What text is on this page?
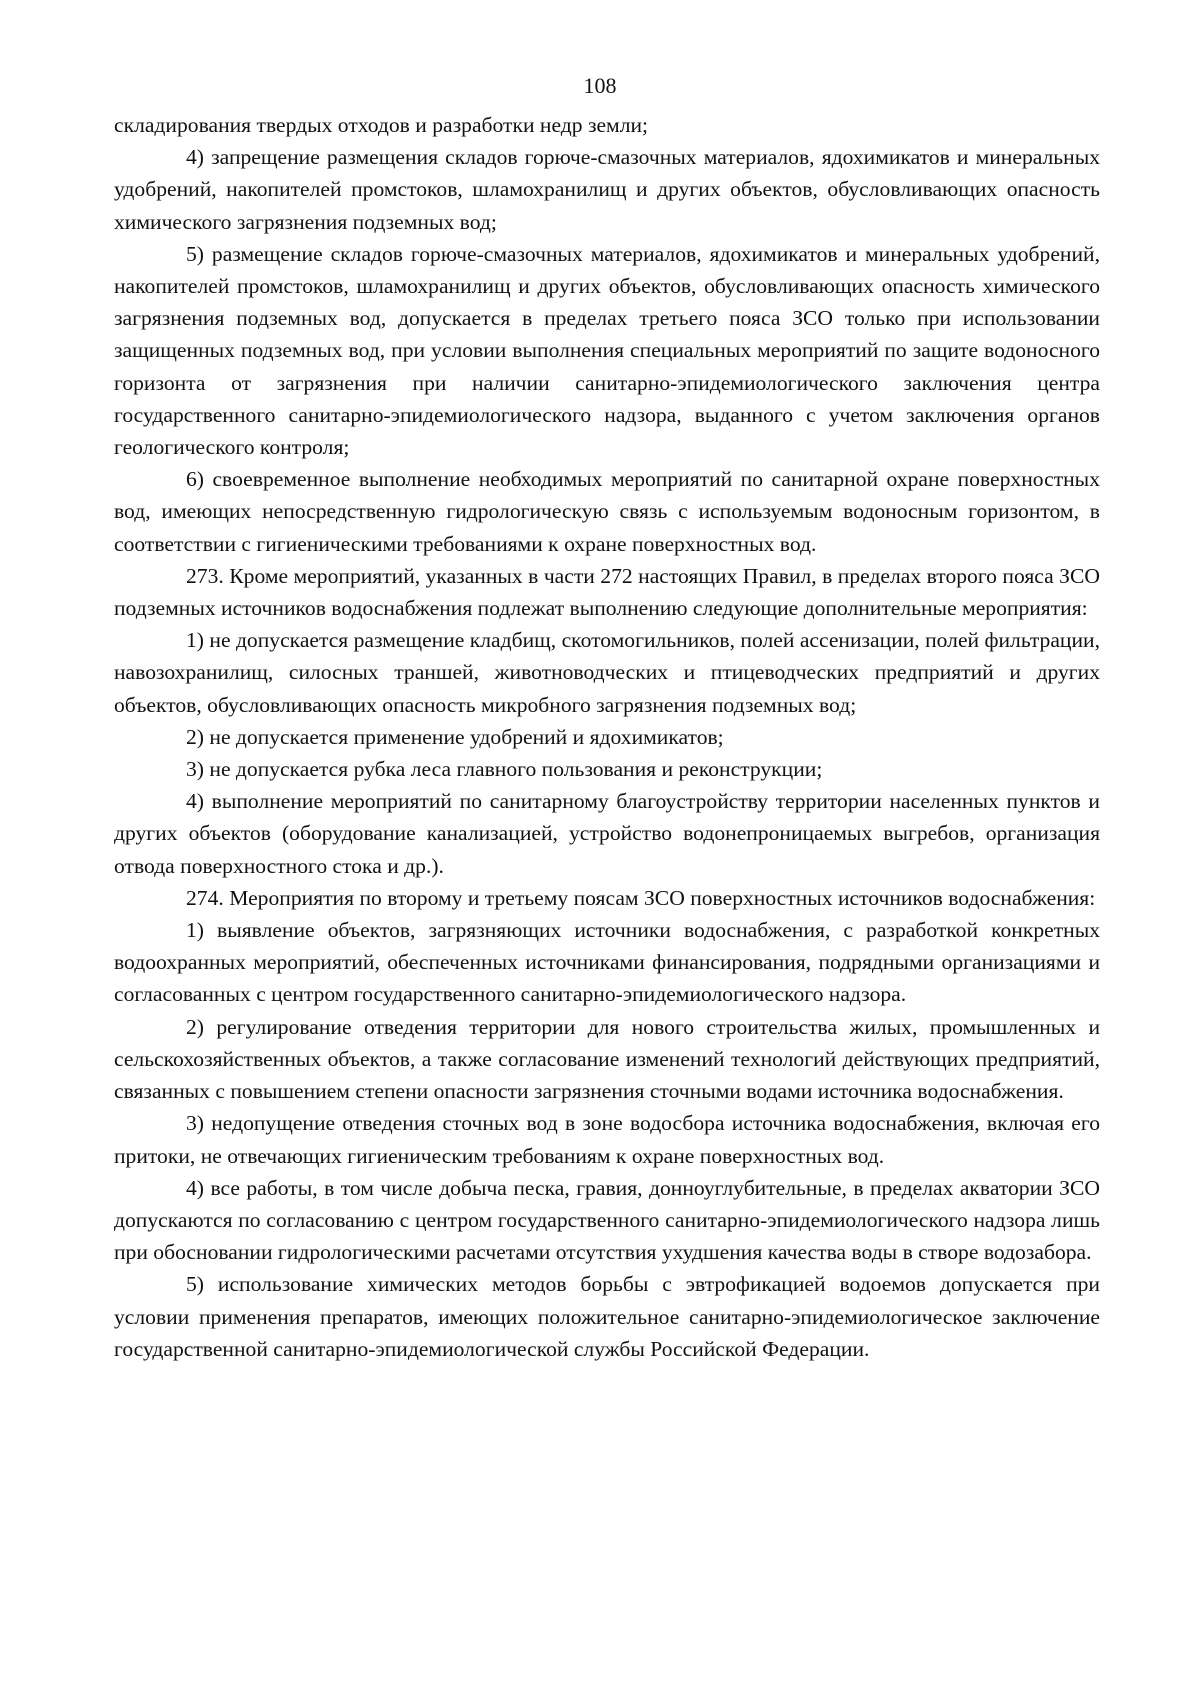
108

складирования твердых отходов и разработки недр земли;

4) запрещение размещения складов горюче-смазочных материалов, ядохимикатов и минеральных удобрений, накопителей промстоков, шламохранилищ и других объектов, обусловливающих опасность химического загрязнения подземных вод;

5) размещение складов горюче-смазочных материалов, ядохимикатов и минеральных удобрений, накопителей промстоков, шламохранилищ и других объектов, обусловливающих опасность химического загрязнения подземных вод, допускается в пределах третьего пояса ЗСО только при использовании защищенных подземных вод, при условии выполнения специальных мероприятий по защите водоносного горизонта от загрязнения при наличии санитарно-эпидемиологического заключения центра государственного санитарно-эпидемиологического надзора, выданного с учетом заключения органов геологического контроля;

6) своевременное выполнение необходимых мероприятий по санитарной охране поверхностных вод, имеющих непосредственную гидрологическую связь с используемым водоносным горизонтом, в соответствии с гигиеническими требованиями к охране поверхностных вод.

273. Кроме мероприятий, указанных в части 272 настоящих Правил, в пределах второго пояса ЗСО подземных источников водоснабжения подлежат выполнению следующие дополнительные мероприятия:

1) не допускается размещение кладбищ, скотомогильников, полей ассенизации, полей фильтрации, навозохранилищ, силосных траншей, животноводческих и птицеводческих предприятий и других объектов, обусловливающих опасность микробного загрязнения подземных вод;

2) не допускается применение удобрений и ядохимикатов;

3) не допускается рубка леса главного пользования и реконструкции;

4) выполнение мероприятий по санитарному благоустройству территории населенных пунктов и других объектов (оборудование канализацией, устройство водонепроницаемых выгребов, организация отвода поверхностного стока и др.).

274. Мероприятия по второму и третьему поясам ЗСО поверхностных источников водоснабжения:

1) выявление объектов, загрязняющих источники водоснабжения, с разработкой конкретных водоохранных мероприятий, обеспеченных источниками финансирования, подрядными организациями и согласованных с центром государственного санитарно-эпидемиологического надзора.

2) регулирование отведения территории для нового строительства жилых, промышленных и сельскохозяйственных объектов, а также согласование изменений технологий действующих предприятий, связанных с повышением степени опасности загрязнения сточными водами источника водоснабжения.

3) недопущение отведения сточных вод в зоне водосбора источника водоснабжения, включая его притоки, не отвечающих гигиеническим требованиям к охране поверхностных вод.

4) все работы, в том числе добыча песка, гравия, донноуглубительные, в пределах акватории ЗСО допускаются по согласованию с центром государственного санитарно-эпидемиологического надзора лишь при обосновании гидрологическими расчетами отсутствия ухудшения качества воды в створе водозабора.

5) использование химических методов борьбы с эвтрофикацией водоемов допускается при условии применения препаратов, имеющих положительное санитарно-эпидемиологическое заключение государственной санитарно-эпидемиологической службы Российской Федерации.
